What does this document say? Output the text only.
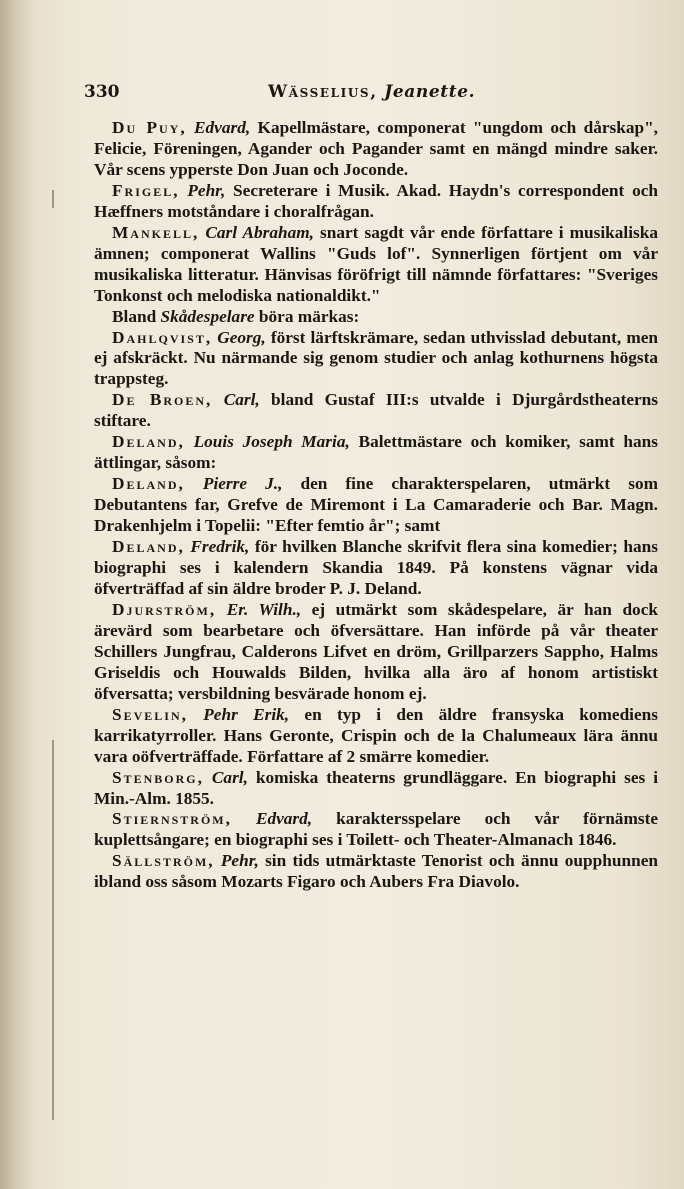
330	Wässelius, Jeanette.

Du Puy, Edvard, Kapellmästare, componerat "ungdom och dårskap", Felicie, Föreningen, Agander och Pagander samt en mängd mindre saker. Vår scens ypperste Don Juan och Joconde.

Frigel, Pehr, Secreterare i Musik. Akad. Haydn's correspondent och Hæffners motståndare i choralfrågan.

Mankell, Carl Abraham, snart sagdt vår ende författare i musikaliska ämnen; componerat Wallins "Guds lof". Synnerligen förtjent om vår musikaliska litteratur. Hänvisas föröfrigt till nämnde författares: "Sveriges Tonkonst och melodiska nationaldikt."

Bland Skådespelare böra märkas:

Dahlqvist, Georg, först lärftskrämare, sedan uthvisslad debutant, men ej afskräckt. Nu närmande sig genom studier och anlag kothurnens högsta trappsteg.

De Broen, Carl, bland Gustaf III:s utvalde i Djurgårdstheaterns stiftare.

Deland, Louis Joseph Maria, Balettmästare och komiker, samt hans ättlingar, såsom:

Deland, Pierre J., den fine charakterspelaren, utmärkt som Debutantens far, Grefve de Miremont i La Camaraderie och Bar. Magn. Drakenhjelm i Topelii: "Efter femtio år"; samt

Deland, Fredrik, för hvilken Blanche skrifvit flera sina komedier; hans biographi ses i kalendern Skandia 1849. På konstens vägnar vida öfverträffad af sin äldre broder P. J. Deland.

Djurström, Er. Wilh., ej utmärkt som skådespelare, är han dock ärevärd som bearbetare och öfversättare. Han införde på vår theater Schillers Jungfrau, Calderons Lifvet en dröm, Grillparzers Sappho, Halms Griseldis och Houwalds Bilden, hvilka alla äro af honom artistiskt öfversatta; versbildning besvärade honom ej.

Sevelin, Pehr Erik, en typ i den äldre fransyska komediens karrikatyrroller. Hans Geronte, Crispin och de la Chalumeaux lära ännu vara oöfverträffade. Författare af 2 smärre komedier.

Stenborg, Carl, komiska theaterns grundläggare. En biographi ses i Min.-Alm. 1855.

Stiernström, Edvard, karaktersspelare och vår förnämste kuplettsångare; en biographi ses i Toilett- och Theater-Almanach 1846.

Sällström, Pehr, sin tids utmärktaste Tenorist och ännu oupphunnen ibland oss såsom Mozarts Figaro och Aubers Fra Diavolo.
